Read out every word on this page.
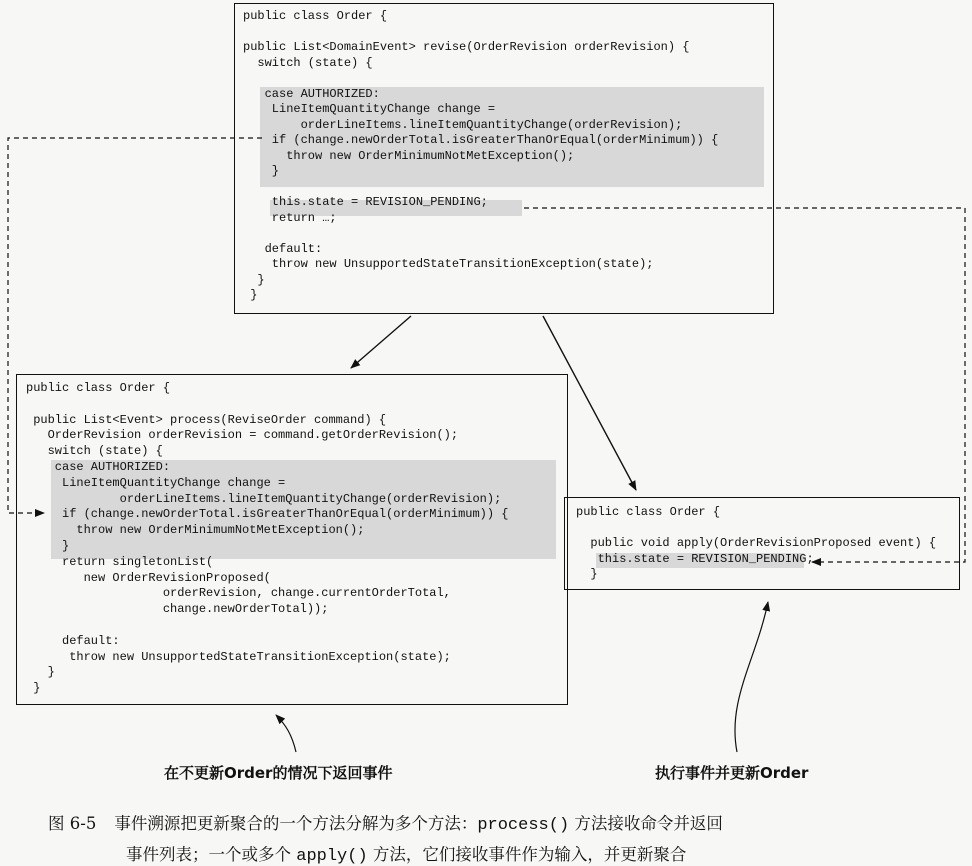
public class Order {
public List<DomainEvent> revise(OrderRevision orderRevision) {
switch (state) {
case AUTHORIZED:
LineItemQuantityChange change =
orderLineItems.lineItemQuantityChange(orderRevision);
if (change.newOrderTotal.isGreaterThanOrEqual(orderMinimum)) {
throw new OrderMinimumNotMetException();
}
this.state = REVISION_PENDING;
return …;
default:
throw new UnsupportedStateTransitionException(state);
}
}
public class Order {
public List<Event> process(ReviseOrder command) {
OrderRevision orderRevision = command.getOrderRevision();
switch (state) {
case AUTHORIZED:
LineItemQuantityChange change =
orderLineItems.lineItemQuantityChange(orderRevision);
if (change.newOrderTotal.isGreaterThanOrEqual(orderMinimum)) {
throw new OrderMinimumNotMetException();
}
return singletonList(
new OrderRevisionProposed(
orderRevision, change.currentOrderTotal,
change.newOrderTotal));
default:
throw new UnsupportedStateTransitionException(state);
}
}
public class Order {
public void apply(OrderRevisionProposed event) {
this.state = REVISION_PENDING;
}
在不更新Order的情况下返回事件	执行事件并更新Order
图 6-5 事件溯源把更新聚合的一个方法分解为多个方法：process() 方法接收命令并返回
事件列表；一个或多个 apply() 方法，它们接收事件作为输入，并更新聚合
